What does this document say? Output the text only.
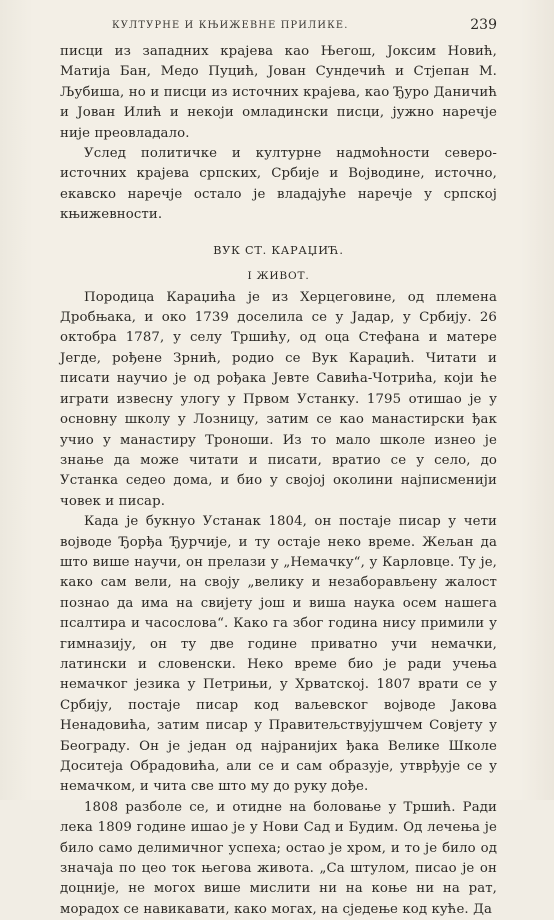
КУЛТУРНЕ И КЊИЖЕВНЕ ПРИЛИКЕ.	239

писци из западних крајева као Његош, Јоксим Новић, Матија Бан, Медо Пуцић, Јован Сундечић и Стјепан М. Љубиша, но и писци из источних крајева, као Ђуро Даничић и Јован Илић и некоји омладински писци, јужно наречје није преовладало.

Услед политичке и културне надмоћности северо-источних крајева српских, Србије и Војводине, источно, екавско наречје остало је владајуће наречје у српској књижевности.

ВУК СТ. КАРАЏИЋ.
I ЖИВОТ.

Породица Караџића је из Херцеговине, од племена Дробњака, и око 1739 доселила се у Јадар, у Србију. 26 октобра 1787, у селу Тршићу, од оца Стефана и матере Јегде, рођене Зрнић, родио се Вук Караџић. Читати и писати научио је од рођака Јевте Савића-Чотрића, који ће играти извесну улогу у Првом Устанку. 1795 отишао је у основну школу у Лозницу, затим се као манастирски ђак учио у манастиру Троноши. Из то мало школе изнео је знање да може читати и писати, вратио се у село, до Устанка седео дома, и био у својој околини најписменији човек и писар.

Када је букнуо Устанак 1804, он постаје писар у чети војводе Ђорђа Ђурчије, и ту остаје неко време. Жељан да што више научи, он прелази у „Немачку“, у Карловце. Ту је, како сам вели, на своју „велику и незаборављену жалост познао да има на свијету још и виша наука осем нашега псалтира и часослова“. Како га због година нису примили у гимназију, он ту две године приватно учи немачки, латински и словенски. Неко време био је ради учења немачког језика у Петрињи, у Хрватској. 1807 врати се у Србију, постаје писар код ваљевског војводе Јакова Ненадовића, затим писар у Правитељствујушчем Совјету у Београду. Он је један од најранијих ђака Велике Школе Доситеја Обрадовића, али се и сам образује, утврђује се у немачком, и чита све што му до руку дође.

1808 разболе се, и отидне на боловање у Тршић. Ради лека 1809 године ишао је у Нови Сад и Будим. Од лечења је било само делимичног успеха; остао је хром, и то је било од значаја по цео ток његова живота. „Са штулом, писао је он доцније, не могох више мислити ни на коње ни на рат, морадох се навикавати, како могах, на сједење код куће. Да
